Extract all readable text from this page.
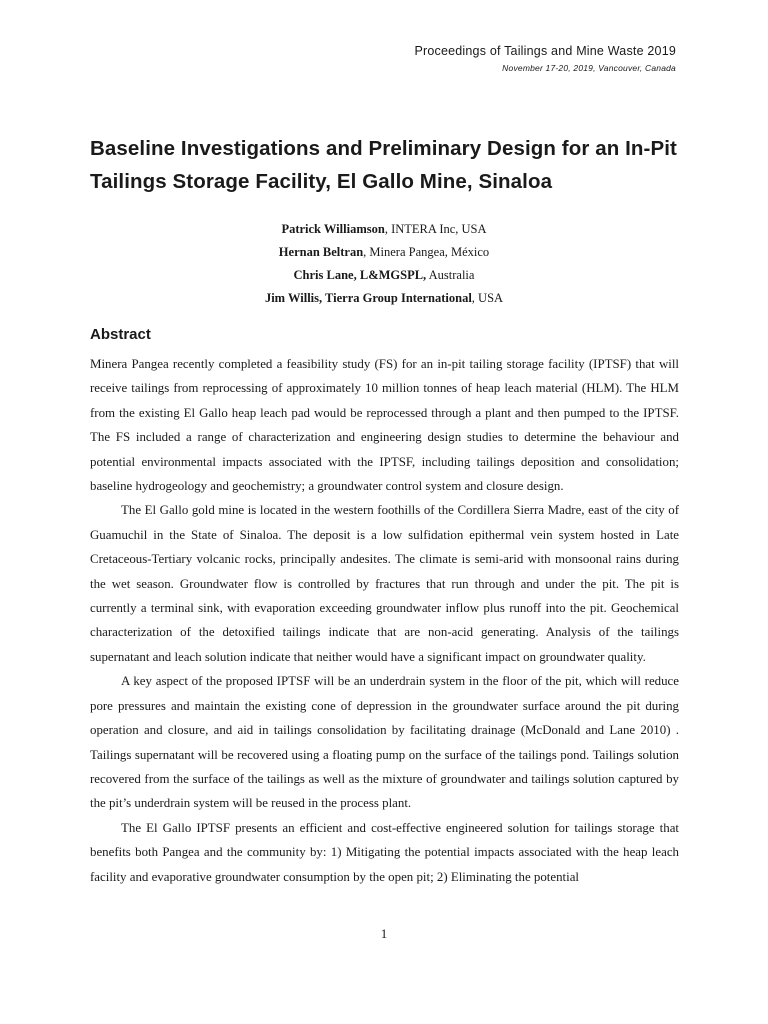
Proceedings of Tailings and Mine Waste 2019
November 17-20, 2019, Vancouver, Canada
Baseline Investigations and Preliminary Design for an In-Pit Tailings Storage Facility, El Gallo Mine, Sinaloa
Patrick Williamson, INTERA Inc, USA
Hernan Beltran, Minera Pangea, México
Chris Lane, L&MGSPL, Australia
Jim Willis, Tierra Group International, USA
Abstract

Minera Pangea recently completed a feasibility study (FS) for an in-pit tailing storage facility (IPTSF) that will receive tailings from reprocessing of approximately 10 million tonnes of heap leach material (HLM). The HLM from the existing El Gallo heap leach pad would be reprocessed through a plant and then pumped to the IPTSF. The FS included a range of characterization and engineering design studies to determine the behaviour and potential environmental impacts associated with the IPTSF, including tailings deposition and consolidation; baseline hydrogeology and geochemistry; a groundwater control system and closure design.

The El Gallo gold mine is located in the western foothills of the Cordillera Sierra Madre, east of the city of Guamuchil in the State of Sinaloa. The deposit is a low sulfidation epithermal vein system hosted in Late Cretaceous-Tertiary volcanic rocks, principally andesites. The climate is semi-arid with monsoonal rains during the wet season. Groundwater flow is controlled by fractures that run through and under the pit. The pit is currently a terminal sink, with evaporation exceeding groundwater inflow plus runoff into the pit. Geochemical characterization of the detoxified tailings indicate that are non-acid generating. Analysis of the tailings supernatant and leach solution indicate that neither would have a significant impact on groundwater quality.

A key aspect of the proposed IPTSF will be an underdrain system in the floor of the pit, which will reduce pore pressures and maintain the existing cone of depression in the groundwater surface around the pit during operation and closure, and aid in tailings consolidation by facilitating drainage (McDonald and Lane 2010) . Tailings supernatant will be recovered using a floating pump on the surface of the tailings pond. Tailings solution recovered from the surface of the tailings as well as the mixture of groundwater and tailings solution captured by the pit’s underdrain system will be reused in the process plant.

The El Gallo IPTSF presents an efficient and cost-effective engineered solution for tailings storage that benefits both Pangea and the community by: 1) Mitigating the potential impacts associated with the heap leach facility and evaporative groundwater consumption by the open pit; 2) Eliminating the potential

1
